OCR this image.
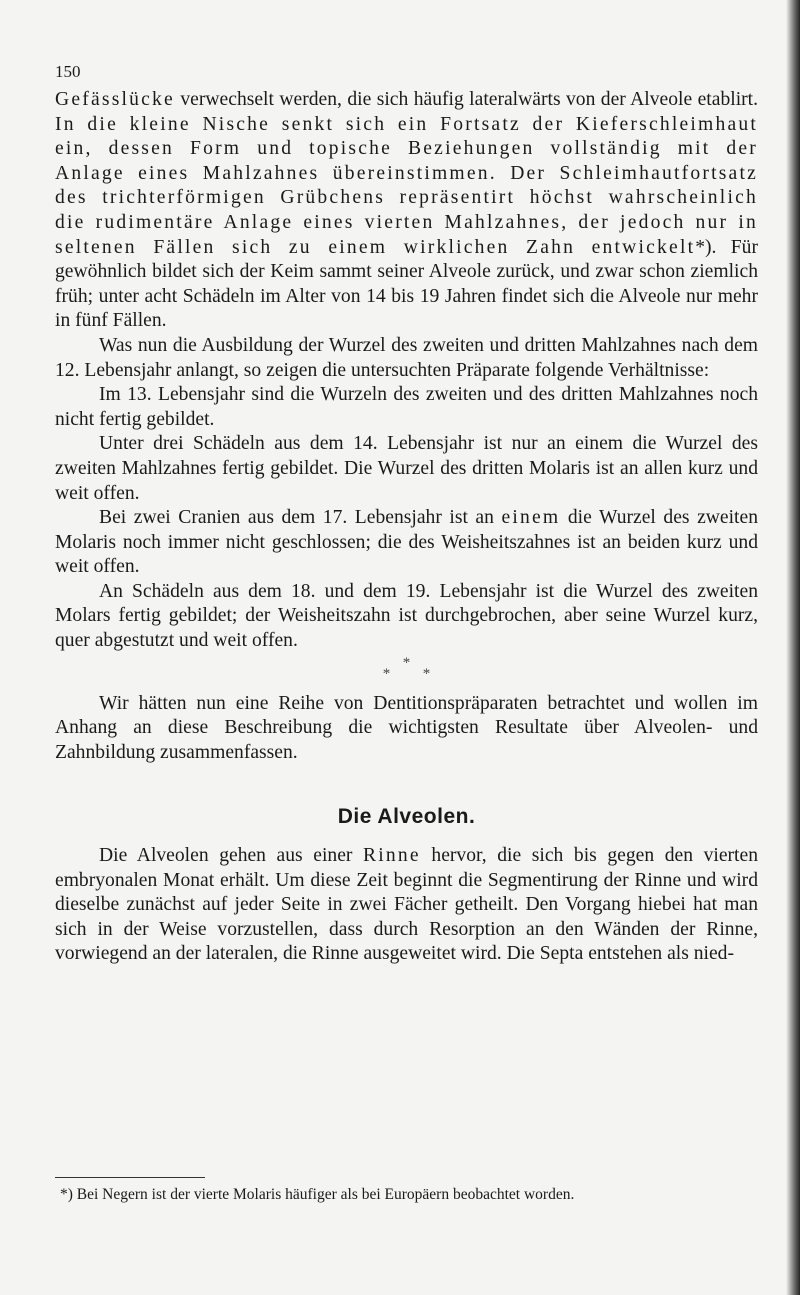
150

Gefässlücke verwechselt werden, die sich häufig lateralwärts von der Alveole etablirt. In die kleine Nische senkt sich ein Fortsatz der Kieferschleimhaut ein, dessen Form und topische Beziehungen vollständig mit der Anlage eines Mahlzahnes übereinstimmen. Der Schleimhautfortsatz des trichterförmigen Grübchens repräsentirt höchst wahrscheinlich die rudimentäre Anlage eines vierten Mahlzahnes, der jedoch nur in seltenen Fällen sich zu einem wirklichen Zahn entwickelt*). Für gewöhnlich bildet sich der Keim sammt seiner Alveole zurück, und zwar schon ziemlich früh; unter acht Schädeln im Alter von 14 bis 19 Jahren findet sich die Alveole nur mehr in fünf Fällen.

Was nun die Ausbildung der Wurzel des zweiten und dritten Mahlzahnes nach dem 12. Lebensjahr anlangt, so zeigen die untersuchten Präparate folgende Verhältnisse:

Im 13. Lebensjahr sind die Wurzeln des zweiten und des dritten Mahlzahnes noch nicht fertig gebildet.

Unter drei Schädeln aus dem 14. Lebensjahr ist nur an einem die Wurzel des zweiten Mahlzahnes fertig gebildet. Die Wurzel des dritten Molaris ist an allen kurz und weit offen.

Bei zwei Cranien aus dem 17. Lebensjahr ist an einem die Wurzel des zweiten Molaris noch immer nicht geschlossen; die des Weisheitszahnes ist an beiden kurz und weit offen.

An Schädeln aus dem 18. und dem 19. Lebensjahr ist die Wurzel des zweiten Molars fertig gebildet; der Weisheitszahn ist durchgebrochen, aber seine Wurzel kurz, quer abgestutzt und weit offen.

*
* *

Wir hätten nun eine Reihe von Dentitionspräparaten betrachtet und wollen im Anhang an diese Beschreibung die wichtigsten Resultate über Alveolen- und Zahnbildung zusammenfassen.

Die Alveolen.

Die Alveolen gehen aus einer Rinne hervor, die sich bis gegen den vierten embryonalen Monat erhält. Um diese Zeit beginnt die Segmentirung der Rinne und wird dieselbe zunächst auf jeder Seite in zwei Fächer getheilt. Den Vorgang hiebei hat man sich in der Weise vorzustellen, dass durch Resorption an den Wänden der Rinne, vorwiegend an der lateralen, die Rinne ausgeweitet wird. Die Septa entstehen als nied-

*) Bei Negern ist der vierte Molaris häufiger als bei Europäern beobachtet worden.
